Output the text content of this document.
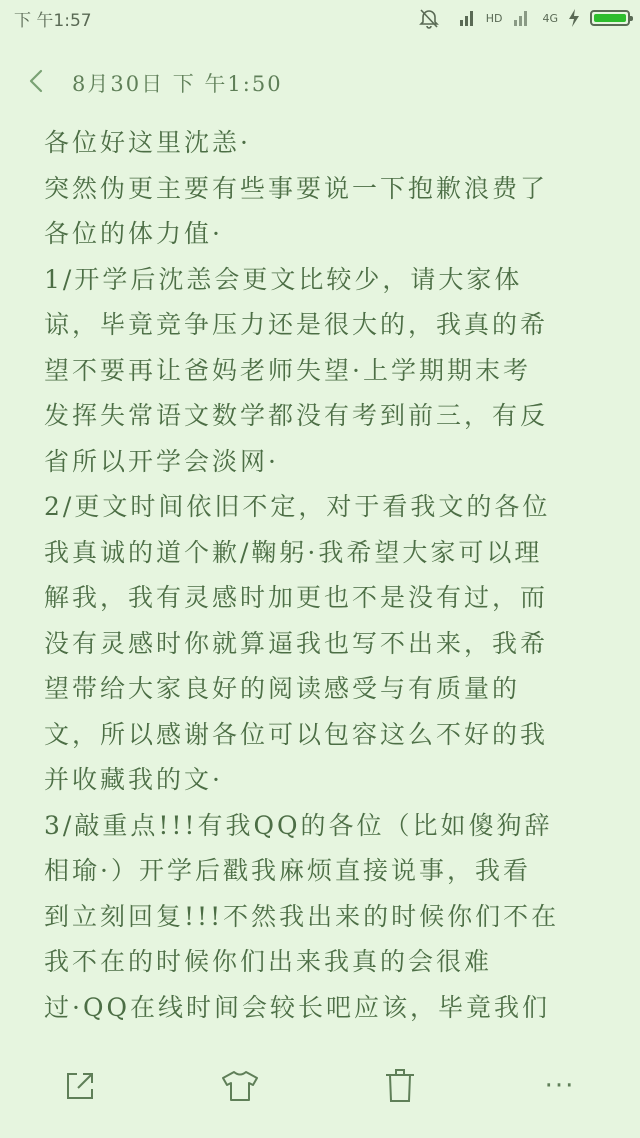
下 午1:57	HD	4G
8月30日 下 午1:50
各位好这里沈恙·
突然伪更主要有些事要说一下抱歉浪费了
各位的体力值·
1/开学后沈恙会更文比较少，请大家体
谅，毕竟竞争压力还是很大的，我真的希
望不要再让爸妈老师失望·上学期期末考
发挥失常语文数学都没有考到前三，有反
省所以开学会淡网·
2/更文时间依旧不定，对于看我文的各位
我真诚的道个歉/鞠躬·我希望大家可以理
解我，我有灵感时加更也不是没有过，而
没有灵感时你就算逼我也写不出来，我希
望带给大家良好的阅读感受与有质量的
文，所以感谢各位可以包容这么不好的我
并收藏我的文·
3/敲重点!!!有我QQ的各位（比如傻狗辞
相瑜·）开学后戳我麻烦直接说事，我看
到立刻回复!!!不然我出来的时候你们不在
我不在的时候你们出来我真的会很难
过·QQ在线时间会较长吧应该，毕竟我们
···
